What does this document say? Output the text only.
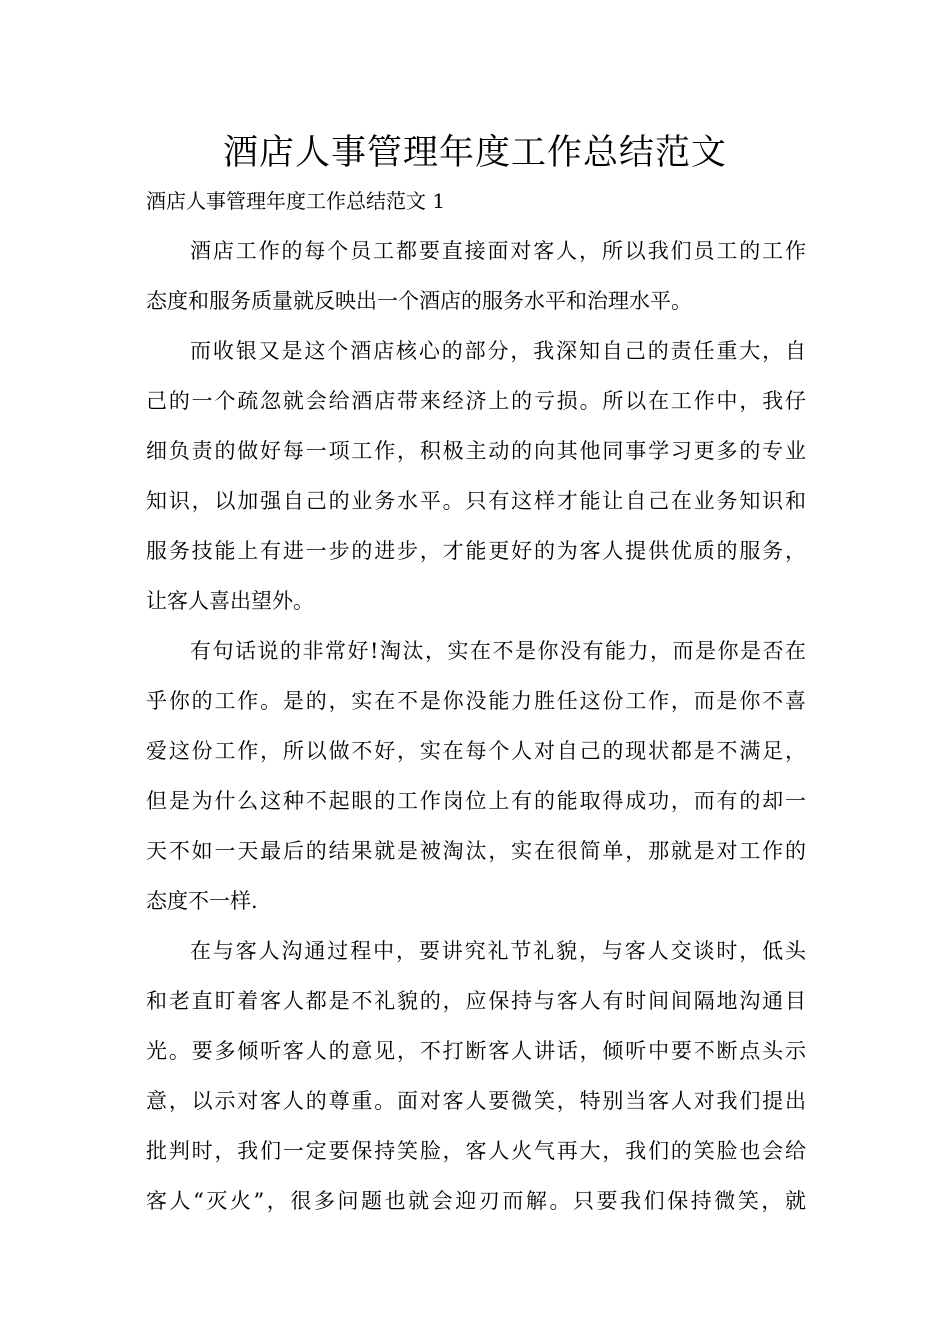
酒店人事管理年度工作总结范文

酒店人事管理年度工作总结范文 1

酒店工作的每个员工都要直接面对客人，所以我们员工的工作
态度和服务质量就反映出一个酒店的服务水平和治理水平。
而收银又是这个酒店核心的部分，我深知自己的责任重大，自
己的一个疏忽就会给酒店带来经济上的亏损。所以在工作中，我仔
细负责的做好每一项工作，积极主动的向其他同事学习更多的专业
知识，以加强自己的业务水平。只有这样才能让自己在业务知识和
服务技能上有进一步的进步，才能更好的为客人提供优质的服务，
让客人喜出望外。
有句话说的非常好!淘汰，实在不是你没有能力，而是你是否在
乎你的工作。是的，实在不是你没能力胜任这份工作，而是你不喜
爱这份工作，所以做不好，实在每个人对自己的现状都是不满足，
但是为什么这种不起眼的工作岗位上有的能取得成功，而有的却一
天不如一天最后的结果就是被淘汰，实在很简单，那就是对工作的
态度不一样.
在与客人沟通过程中，要讲究礼节礼貌，与客人交谈时，低头
和老直盯着客人都是不礼貌的，应保持与客人有时间间隔地沟通目
光。要多倾听客人的意见，不打断客人讲话，倾听中要不断点头示
意，以示对客人的尊重。面对客人要微笑，特别当客人对我们提出
批判时，我们一定要保持笑脸，客人火气再大，我们的笑脸也会给
客人“灭火”，很多问题也就会迎刃而解。只要我们保持微笑，就
